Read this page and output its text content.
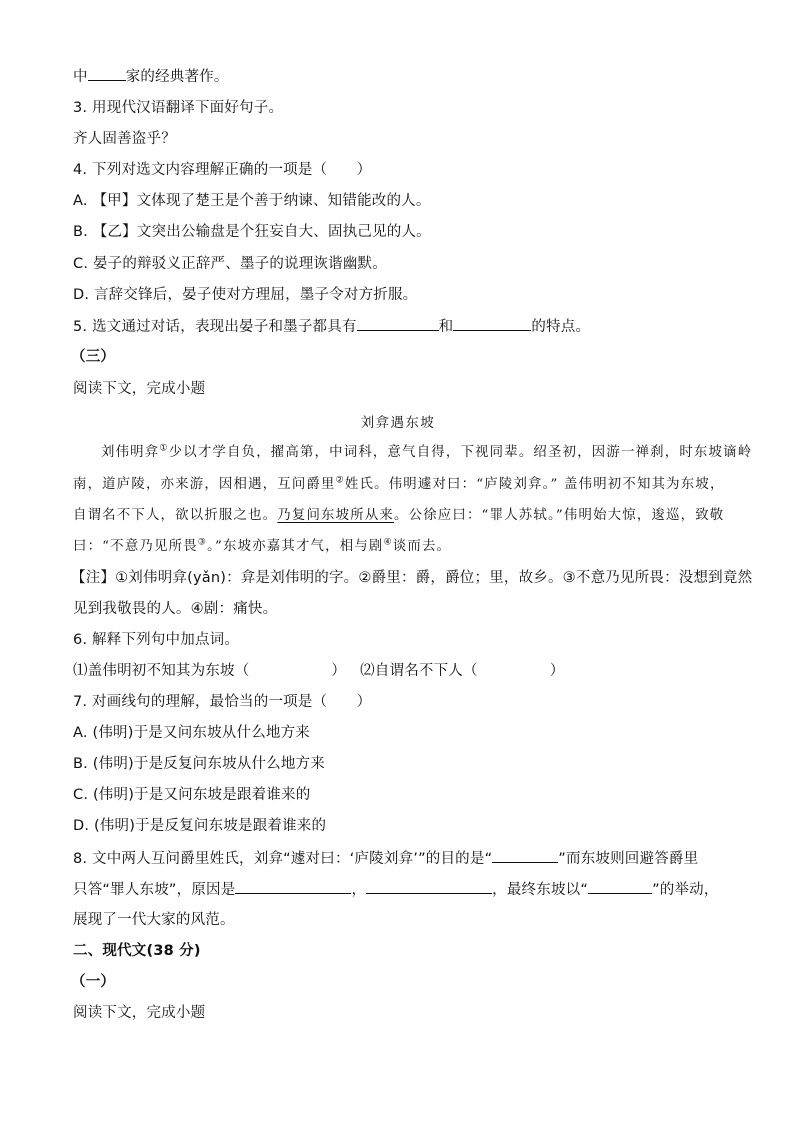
中	家的经典著作。
3. 用现代汉语翻译下面好句子。
齐人固善盗乎？
4. 下列对选文内容理解正确的一项是（　　）
A. 【甲】文体现了楚王是个善于纳谏、知错能改的人。
B. 【乙】文突出公输盘是个狂妄自大、固执己见的人。
C. 晏子的辩驳义正辞严、墨子的说理诙谐幽默。
D. 言辞交锋后，晏子使对方理屈，墨子令对方折服。
5. 选文通过对话，表现出晏子和墨子都具有	和	的特点。
（三）
阅读下文，完成小题
刘弇遇东坡
刘伟明弇①少以才学自负，擢高第，中词科，意气自得，下视同辈。绍圣初，因游一禅刹，时东坡谪岭
南，道庐陵，亦来游，因相遇，互问爵里②姓氏。伟明遽对曰：“庐陵刘弇。” 盖伟明初不知其为东坡，
自谓名不下人，欲以折服之也。乃复问东坡所从来。公徐应曰：“罪人苏轼。”伟明始大惊，逡巡，致敬
曰：“不意乃见所畏③。”东坡亦嘉其才气，相与剧④谈而去。
【注】①刘伟明弇(yǎn)：弇是刘伟明的字。②爵里：爵，爵位；里，故乡。③不意乃见所畏：没想到竟然
见到我敬畏的人。④剧：痛快。
6. 解释下列句中加点词。
⑴盖伟明初不知其为东坡（	） ⑵自谓名不下人（	）
7. 对画线句的理解，最恰当的一项是（　　）
A. (伟明)于是又问东坡从什么地方来
B. (伟明)于是反复问东坡从什么地方来
C. (伟明)于是又问东坡是跟着谁来的
D. (伟明)于是反复问东坡是跟着谁来的
8. 文中两人互问爵里姓氏，刘弇“遽对曰：‘庐陵刘弇’”的目的是“	”而东坡则回避答爵里
只答“罪人东坡”，原因是	，	，最终东坡以“	”的举动，
展现了一代大家的风范。
二、现代文(38 分)
（一）
阅读下文，完成小题
